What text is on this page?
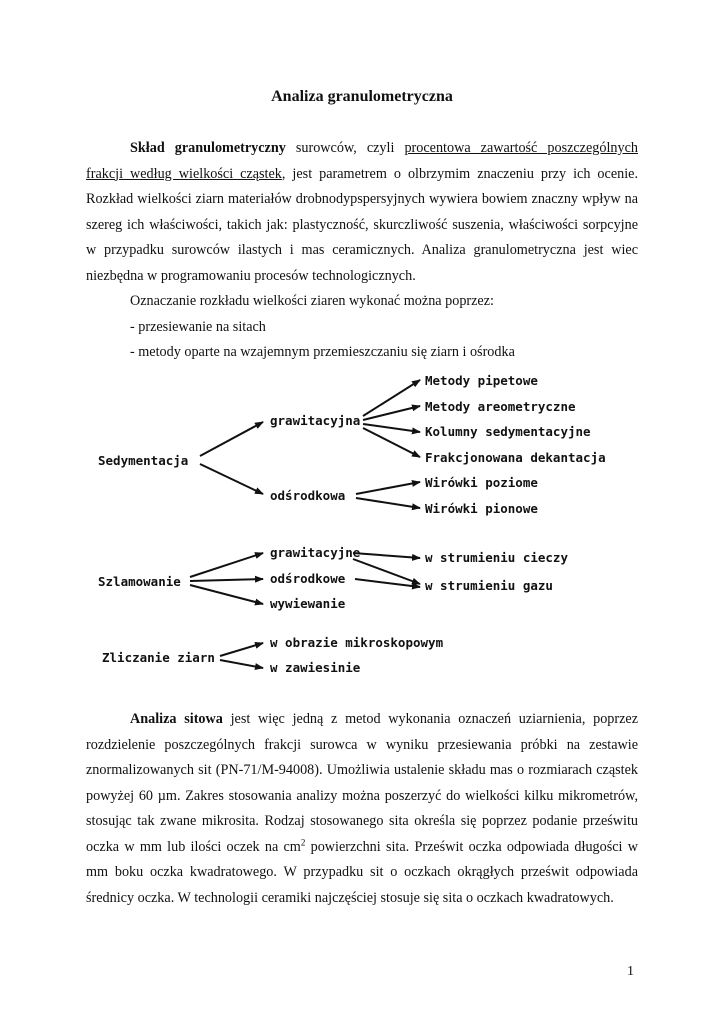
Analiza granulometryczna

Skład granulometryczny surowców, czyli procentowa zawartość poszczególnych frakcji według wielkości cząstek, jest parametrem o olbrzymim znaczeniu przy ich ocenie. Rozkład wielkości ziarn materiałów drobnodypspersyjnych wywiera bowiem znaczny wpływ na szereg ich właściwości, takich jak: plastyczność, skurczliwość suszenia, właściwości sorpcyjne w przypadku surowców ilastych i mas ceramicznych. Analiza granulometryczna jest wiec niezbędna w programowaniu procesów technologicznych.

Oznaczanie rozkładu wielkości ziaren wykonać można poprzez:
- przesiewanie na sitach
- metody oparte na wzajemnym przemieszczaniu się ziarn i ośrodka
Sedymentacja
grawitacyjna
odśrodkowa
Metody pipetowe
Metody areometryczne
Kolumny sedymentacyjne
Frakcjonowana dekantacja
Wirówki poziome
Wirówki pionowe
Szlamowanie
grawitacyjne
odśrodkowe
wywiewanie
w strumieniu cieczy
w strumieniu gazu
Zliczanie ziarn
w obrazie mikroskopowym
w zawiesinie

Analiza sitowa jest więc jedną z metod wykonania oznaczeń uziarnienia, poprzez rozdzielenie poszczególnych frakcji surowca w wyniku przesiewania próbki na zestawie znormalizowanych sit (PN-71/M-94008). Umożliwia ustalenie składu mas o rozmiarach cząstek powyżej 60 µm. Zakres stosowania analizy można poszerzyć do wielkości kilku mikrometrów, stosując tak zwane mikrosita. Rodzaj stosowanego sita określa się poprzez podanie prześwitu oczka w mm lub ilości oczek na $cm^2$ powierzchni sita. Prześwit oczka odpowiada długości w mm boku oczka kwadratowego. W przypadku sit o oczkach okrągłych prześwit odpowiada średnicy oczka. W technologii ceramiki najczęściej stosuje się sita o oczkach kwadratowych.

1
